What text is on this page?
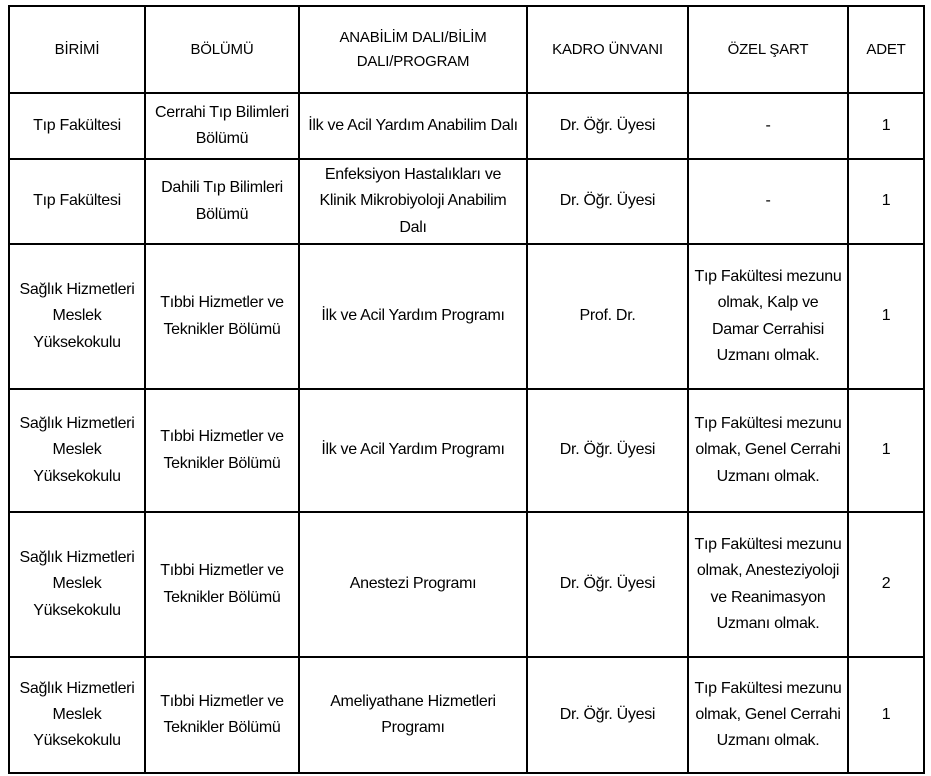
BİRİMİ	BÖLÜMÜ	ANABİLİM DALI/BİLİM DALI/PROGRAM	KADRO ÜNVANI	ÖZEL ŞART	ADET
Tıp Fakültesi	Cerrahi Tıp Bilimleri Bölümü	İlk ve Acil Yardım Anabilim Dalı	Dr. Öğr. Üyesi	-	1
Tıp Fakültesi	Dahili Tıp Bilimleri Bölümü	Enfeksiyon Hastalıkları ve Klinik Mikrobiyoloji Anabilim Dalı	Dr. Öğr. Üyesi	-	1
Sağlık Hizmetleri Meslek Yüksekokulu	Tıbbi Hizmetler ve Teknikler Bölümü	İlk ve Acil Yardım Programı	Prof. Dr.	Tıp Fakültesi mezunu olmak, Kalp ve Damar Cerrahisi Uzmanı olmak.	1
Sağlık Hizmetleri Meslek Yüksekokulu	Tıbbi Hizmetler ve Teknikler Bölümü	İlk ve Acil Yardım Programı	Dr. Öğr. Üyesi	Tıp Fakültesi mezunu olmak, Genel Cerrahi Uzmanı olmak.	1
Sağlık Hizmetleri Meslek Yüksekokulu	Tıbbi Hizmetler ve Teknikler Bölümü	Anestezi Programı	Dr. Öğr. Üyesi	Tıp Fakültesi mezunu olmak, Anesteziyoloji ve Reanimasyon Uzmanı olmak.	2
Sağlık Hizmetleri Meslek Yüksekokulu	Tıbbi Hizmetler ve Teknikler Bölümü	Ameliyathane Hizmetleri Programı	Dr. Öğr. Üyesi	Tıp Fakültesi mezunu olmak, Genel Cerrahi Uzmanı olmak.	1
